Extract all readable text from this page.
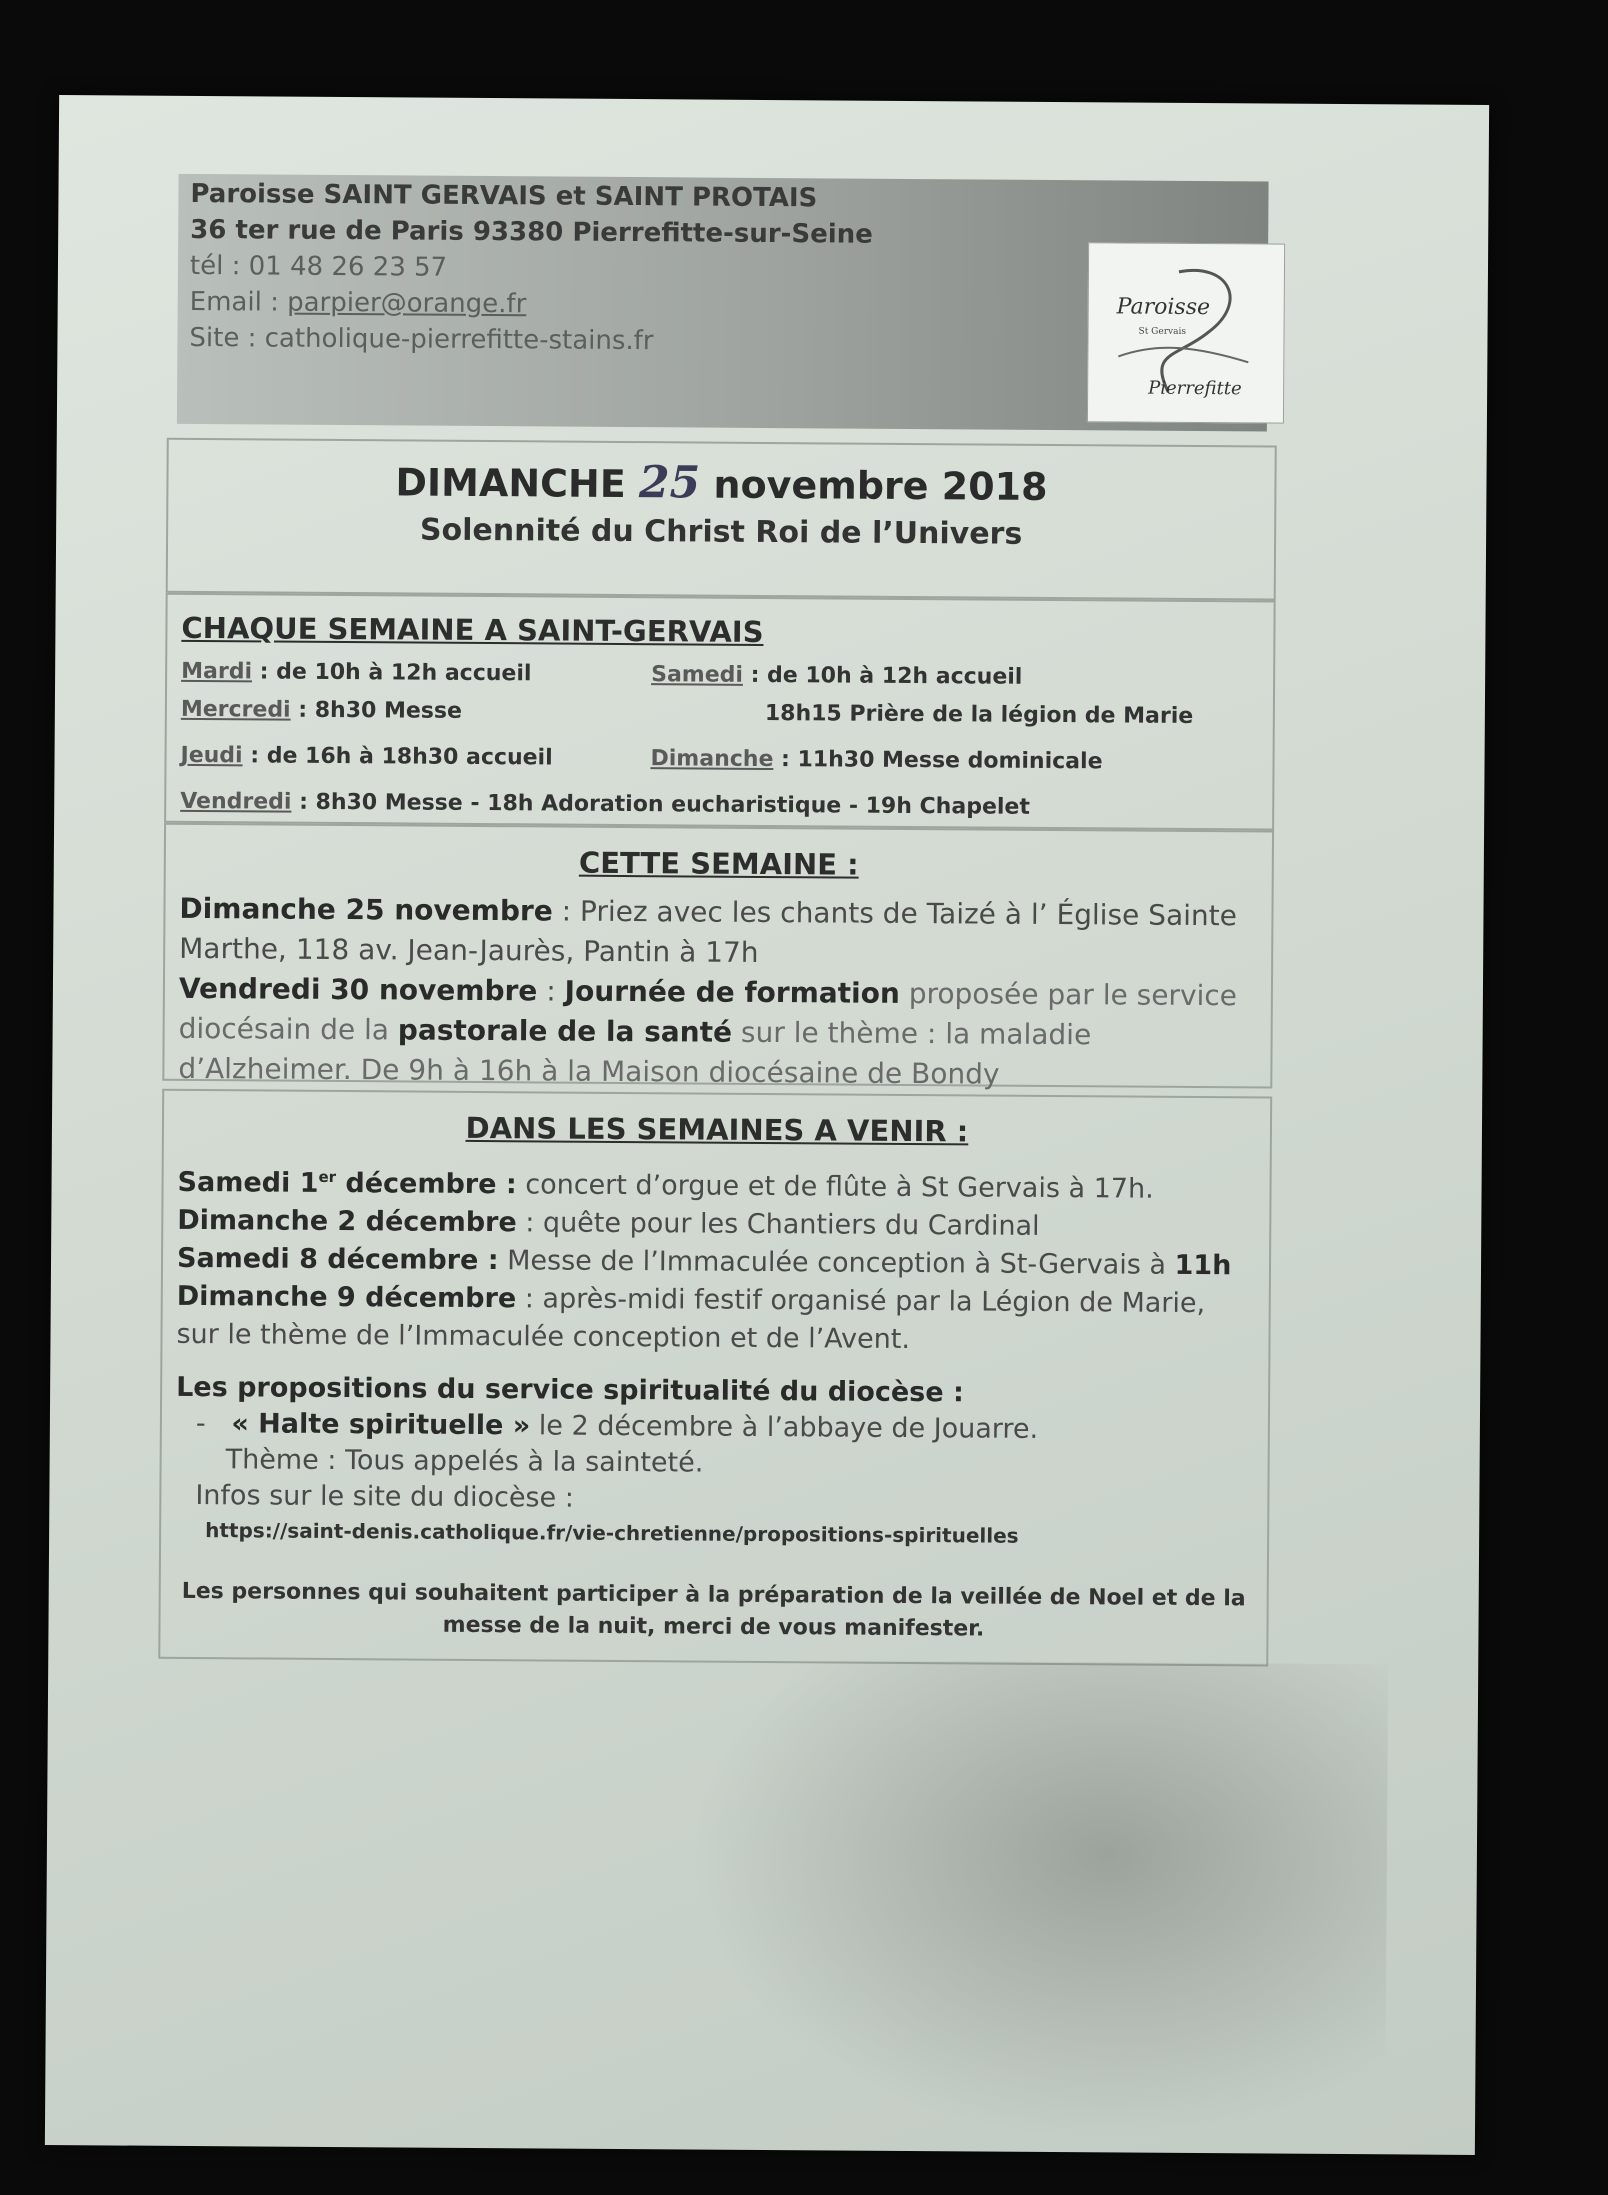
Paroisse SAINT GERVAIS et SAINT PROTAIS
36 ter rue de Paris 93380 Pierrefitte-sur-Seine
tél : 01 48 26 23 57
Email : parpier@orange.fr
Site : catholique-pierrefitte-stains.fr
Paroisse
St Gervais
Pierrefitte
DIMANCHE 25 novembre 2018
Solennité du Christ Roi de l’Univers
CHAQUE SEMAINE A SAINT-GERVAIS
Mardi : de 10h à 12h accueil	Samedi : de 10h à 12h accueil
Mercredi : 8h30 Messe	18h15 Prière de la légion de Marie
Jeudi : de 16h à 18h30 accueil	Dimanche : 11h30 Messe dominicale
Vendredi : 8h30 Messe - 18h Adoration eucharistique - 19h Chapelet
CETTE SEMAINE :
Dimanche 25 novembre : Priez avec les chants de Taizé à l’ Église Sainte Marthe, 118 av. Jean-Jaurès, Pantin à 17h
Vendredi 30 novembre : Journée de formation proposée par le service diocésain de la pastorale de la santé sur le thème : la maladie d’Alzheimer. De 9h à 16h à la Maison diocésaine de Bondy
DANS LES SEMAINES A VENIR :
Samedi 1er décembre : concert d’orgue et de flûte à St Gervais à 17h.
Dimanche 2 décembre : quête pour les Chantiers du Cardinal
Samedi 8 décembre : Messe de l’Immaculée conception à St-Gervais à 11h
Dimanche 9 décembre : après-midi festif organisé par la Légion de Marie, sur le thème de l’Immaculée conception et de l’Avent.
Les propositions du service spiritualité du diocèse :
- « Halte spirituelle » le 2 décembre à l’abbaye de Jouarre.
Thème : Tous appelés à la sainteté.
Infos sur le site du diocèse :
https://saint-denis.catholique.fr/vie-chretienne/propositions-spirituelles
Les personnes qui souhaitent participer à la préparation de la veillée de Noel et de la messe de la nuit, merci de vous manifester.
